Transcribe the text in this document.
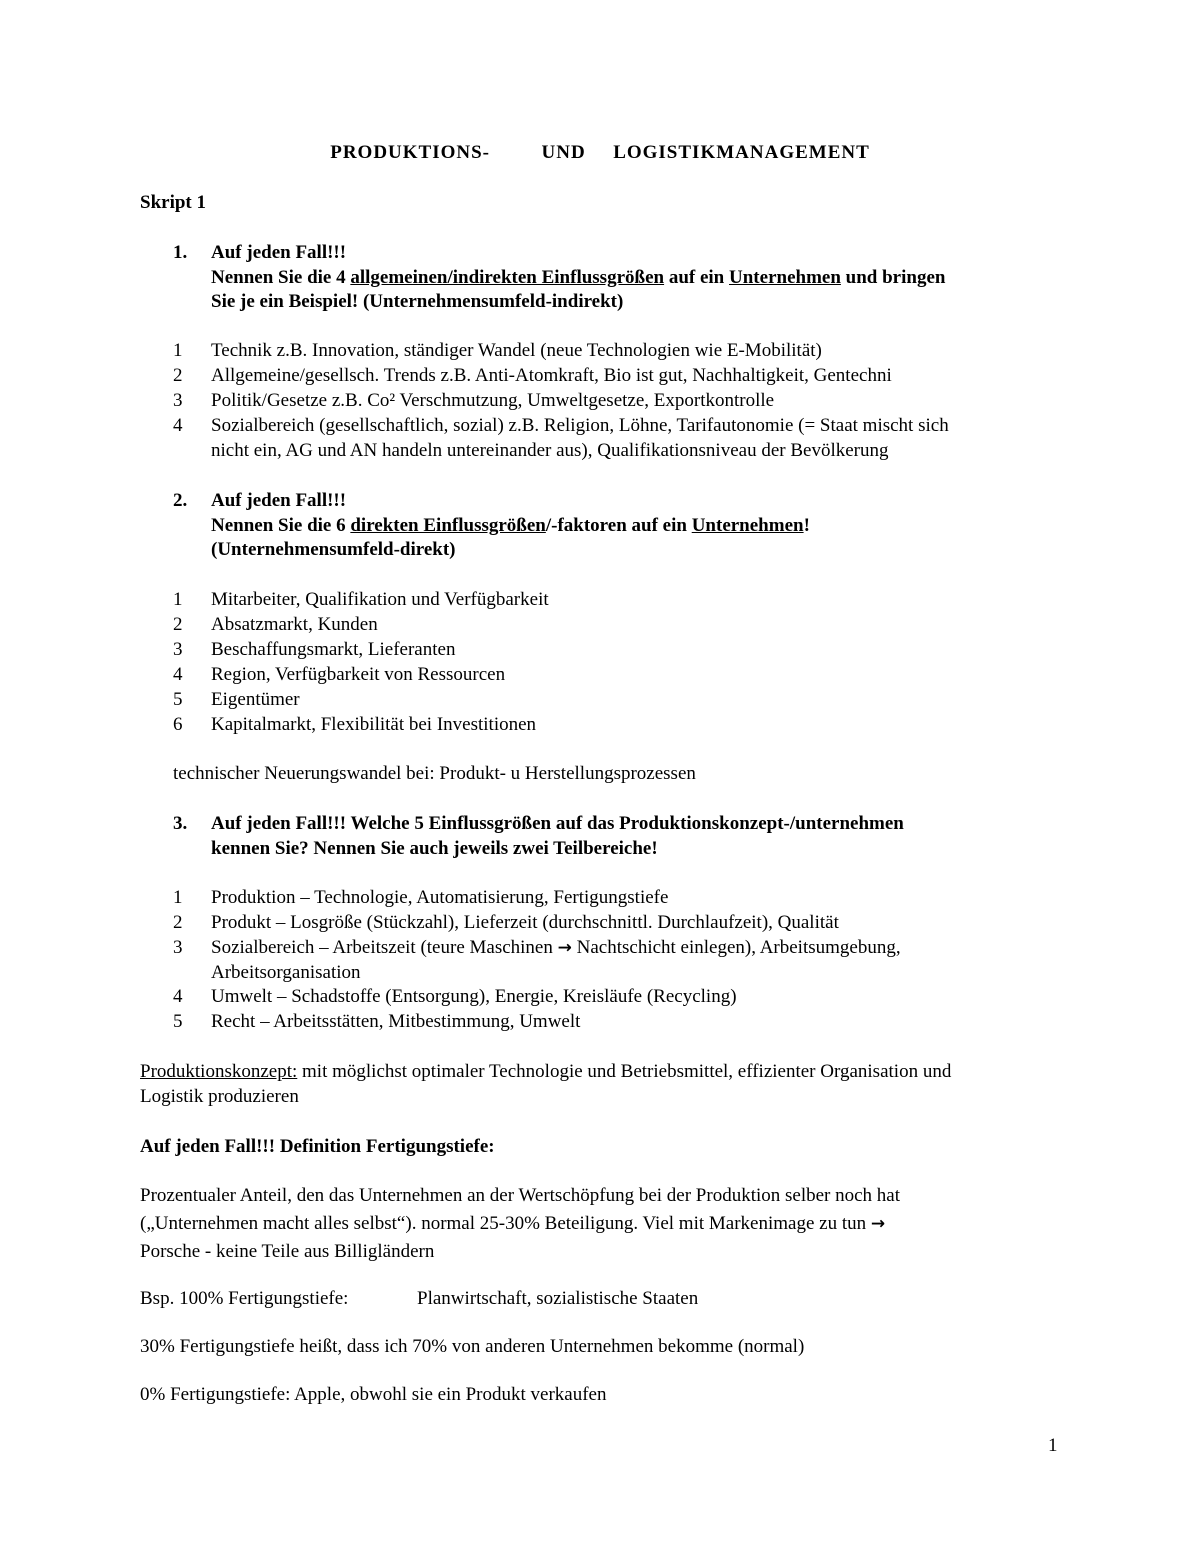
PRODUKTIONS-	UND LOGISTIKMANAGEMENT
Skript 1
1.	Auf jeden Fall!!!
Nennen Sie die 4 allgemeinen/indirekten Einflussgrößen auf ein Unternehmen und bringen
Sie je ein Beispiel! (Unternehmensumfeld-indirekt)
1	Technik z.B. Innovation, ständiger Wandel (neue Technologien wie E-Mobilität)
2	Allgemeine/gesellsch. Trends z.B. Anti-Atomkraft, Bio ist gut, Nachhaltigkeit, Gentechni
3	Politik/Gesetze z.B. Co² Verschmutzung, Umweltgesetze, Exportkontrolle
4	Sozialbereich (gesellschaftlich, sozial) z.B. Religion, Löhne, Tarifautonomie (= Staat mischt sich
nicht ein, AG und AN handeln untereinander aus), Qualifikationsniveau der Bevölkerung
2.	Auf jeden Fall!!!
Nennen Sie die 6 direkten Einflussgrößen/-faktoren auf ein Unternehmen!
(Unternehmensumfeld-direkt)
1	Mitarbeiter, Qualifikation und Verfügbarkeit
2	Absatzmarkt, Kunden
3	Beschaffungsmarkt, Lieferanten
4	Region, Verfügbarkeit von Ressourcen
5	Eigentümer
6	Kapitalmarkt, Flexibilität bei Investitionen
technischer Neuerungswandel bei: Produkt- u Herstellungsprozessen
3.	Auf jeden Fall!!! Welche 5 Einflussgrößen auf das Produktionskonzept-/unternehmen
kennen Sie? Nennen Sie auch jeweils zwei Teilbereiche!
1	Produktion – Technologie, Automatisierung, Fertigungstiefe
2	Produkt – Losgröße (Stückzahl), Lieferzeit (durchschnittl. Durchlaufzeit), Qualität
3	Sozialbereich – Arbeitszeit (teure Maschinen → Nachtschicht einlegen), Arbeitsumgebung,
Arbeitsorganisation
4	Umwelt – Schadstoffe (Entsorgung), Energie, Kreisläufe (Recycling)
5	Recht – Arbeitsstätten, Mitbestimmung, Umwelt
Produktionskonzept: mit möglichst optimaler Technologie und Betriebsmittel, effizienter Organisation und
Logistik produzieren
Auf jeden Fall!!! Definition Fertigungstiefe:
Prozentualer Anteil, den das Unternehmen an der Wertschöpfung bei der Produktion selber noch hat
(„Unternehmen macht alles selbst“). normal 25-30% Beteiligung. Viel mit Markenimage zu tun →
Porsche - keine Teile aus Billigländern
Bsp. 100% Fertigungstiefe:	Planwirtschaft, sozialistische Staaten
30% Fertigungstiefe heißt, dass ich 70% von anderen Unternehmen bekomme (normal)
0% Fertigungstiefe: Apple, obwohl sie ein Produkt verkaufen
1
